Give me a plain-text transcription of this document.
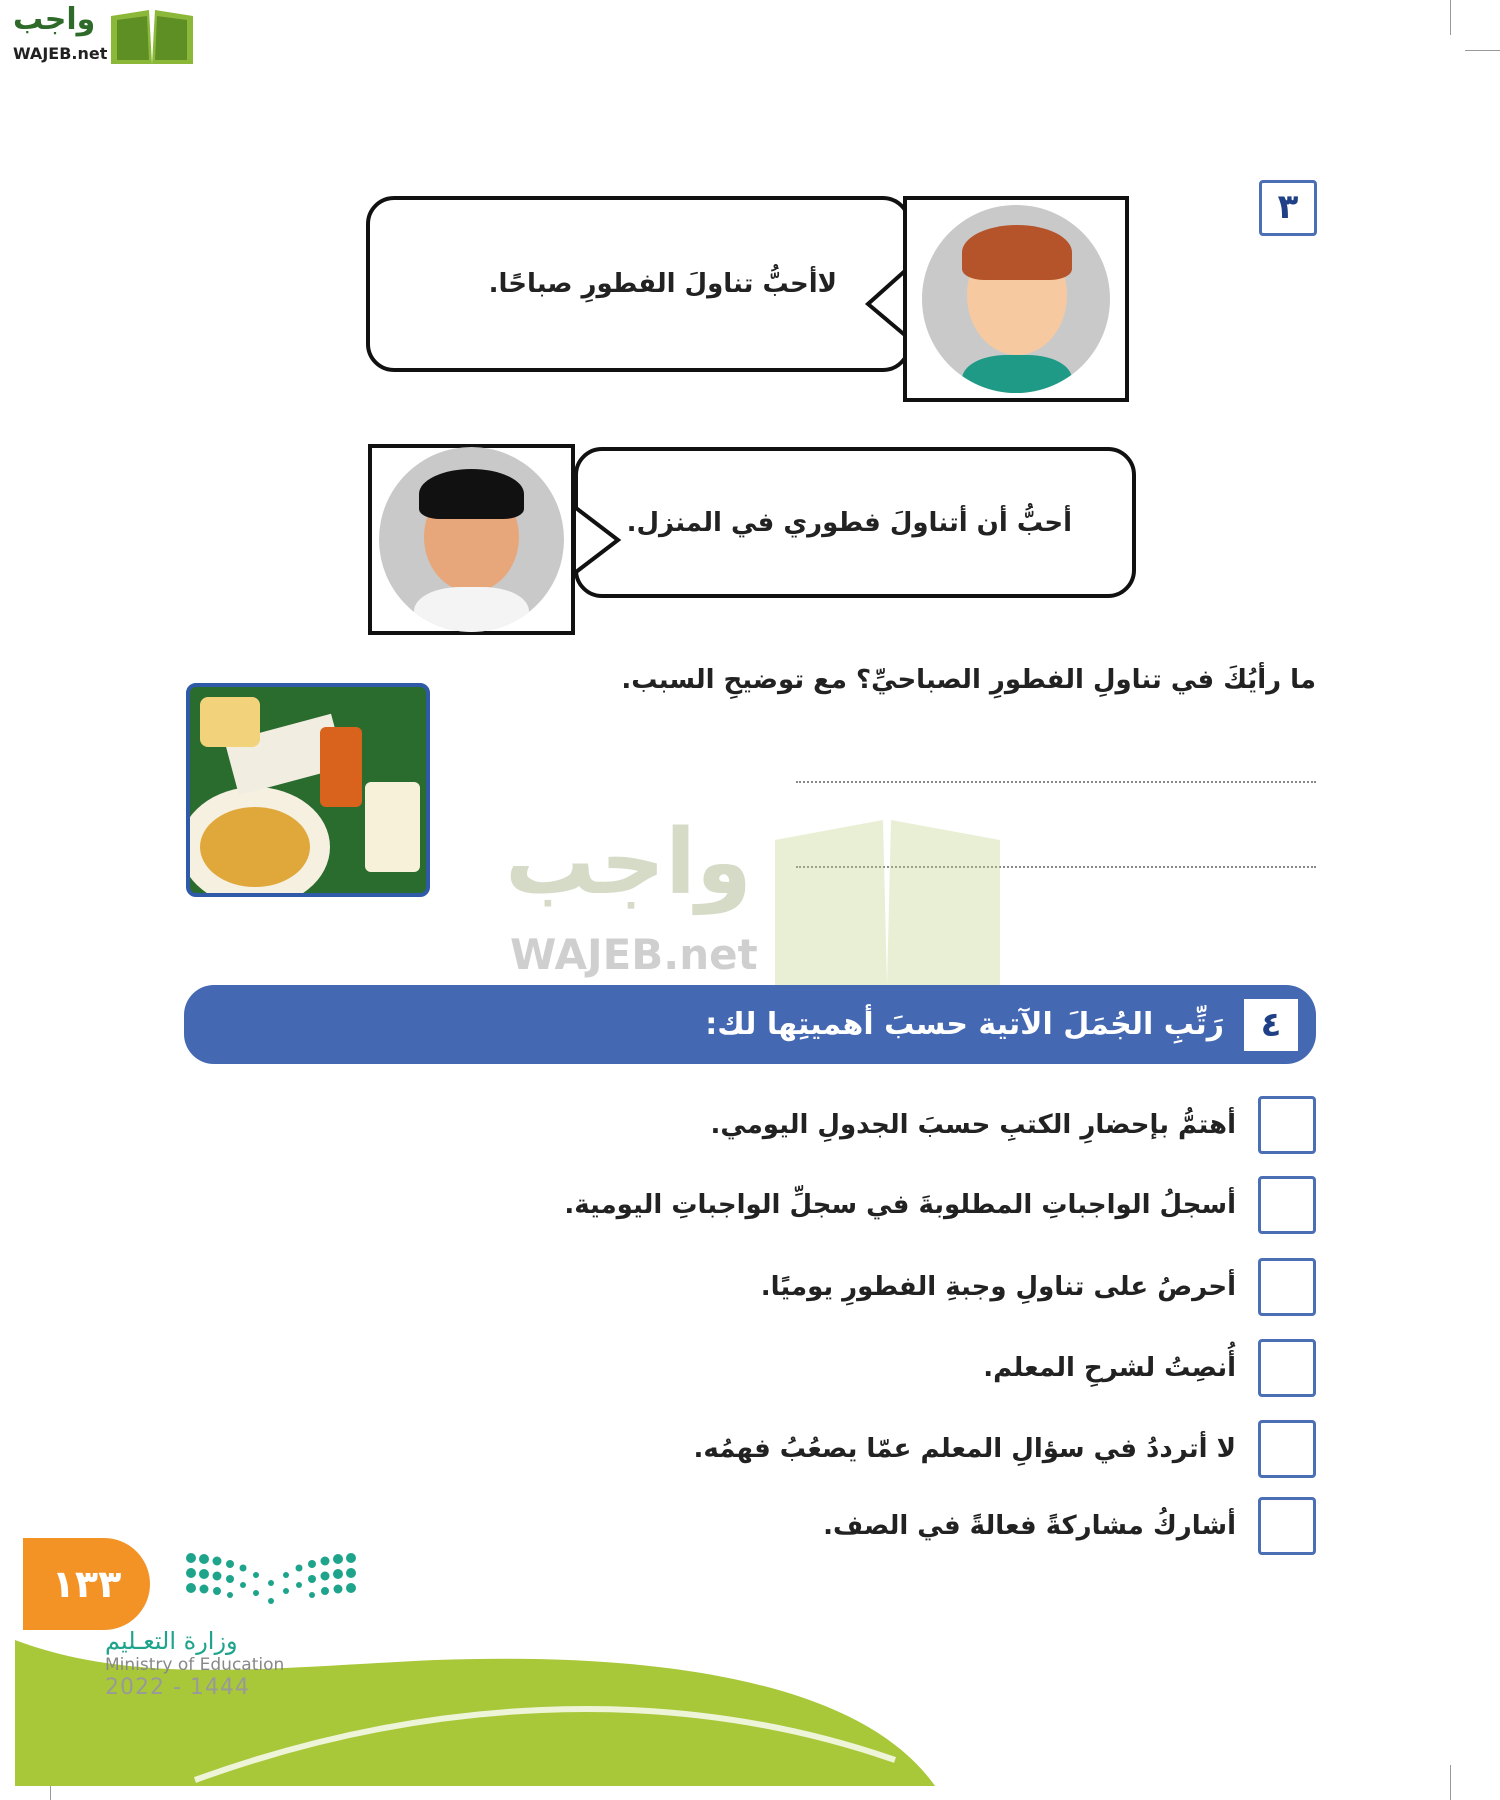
واجب
WAJEB.net
٣
لاأحبُّ تناولَ الفطورِ صباحًا.
أحبُّ أن أتناولَ فطوري في المنزل.
ما رأيُكَ في تناولِ الفطورِ الصباحيِّ؟ مع توضيحِ السبب.
واجب
WAJEB.net
٤
رَتِّبِ الجُمَلَ الآتية حسبَ أهميتِها لك:
أهتمُّ بإحضارِ الكتبِ حسبَ الجدولِ اليومي.
أسجلُ الواجباتِ المطلوبةَ في سجلِّ الواجباتِ اليومية.
أحرصُ على تناولِ وجبةِ الفطورِ يوميًا.
أُنصِتُ لشرحِ المعلم.
لا أترددُ في سؤالِ المعلم عمّا يصعُبُ فهمُه.
أشاركُ مشاركةً فعالةً في الصف.
١٣٣
وزارة التعـليم
Ministry of Education
2022 - 1444
